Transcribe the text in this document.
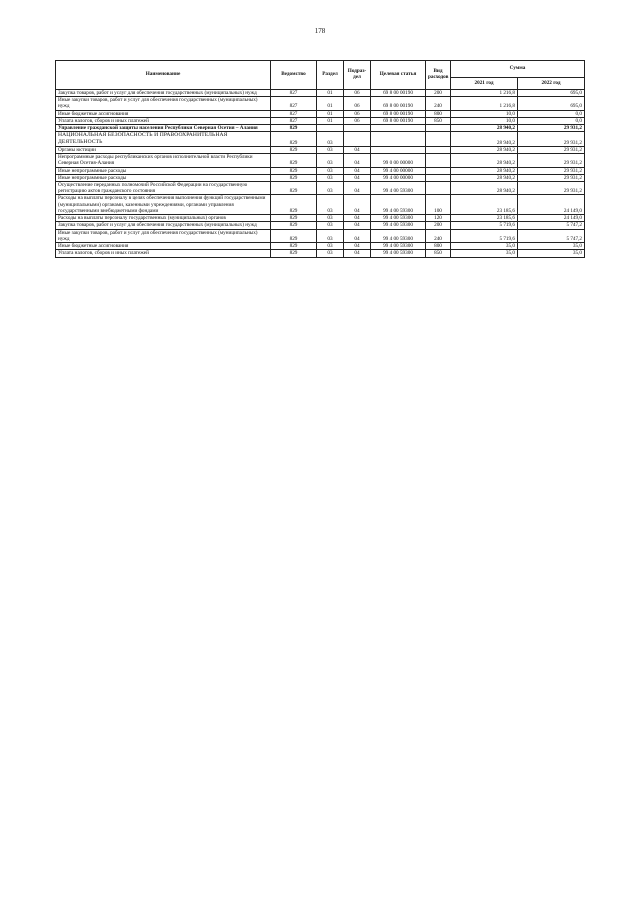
178
Наименование	Ведомство	Раздел	Подраз-дел	Целевая статья	Вид расходов	Сумма	
						2021 год	2022 год
Закупка товаров, работ и услуг для обеспечения государственных (муниципальных) нужд	827	01	06	69 8 00 00190	200	1 216,8	695,0
Иные закупки товаров, работ и услуг для обеспечения государственных (муниципальных) нужд	827	01	06	69 8 00 00190	240	1 216,8	695,0
Иные бюджетные ассигнования	827	01	06	69 8 00 00190	800	10,0	0,0
Уплата налогов, сборов и иных платежей	827	01	06	69 8 00 00190	850	10,0	0,0
Управление гражданской защиты населения Республики Северная Осетия – Алания	829					28 940,2	29 931,2
НАЦИОНАЛЬНАЯ БЕЗОПАСНОСТЬ И ПРАВООХРАНИТЕЛЬНАЯ ДЕЯТЕЛЬНОСТЬ	829	03				28 940,2	29 931,2
Органы юстиции	829	03	04			28 940,2	29 931,2
Непрограммные расходы республиканских органов исполнительной власти Республики Северная Осетия-Алания	829	03	04	99 0 00 00000		28 940,2	29 931,2
Иные непрограммные расходы	829	03	04	99 4 00 00000		28 940,2	29 931,2
Иные непрограммные расходы	829	03	04	99 4 00 00000		28 940,2	29 931,2
Осуществление переданных полномочий Российской Федерации на государственную регистрацию актов гражданского состояния	829	03	04	99 4 00 59300		28 940,2	29 931,2
Расходы на выплаты персоналу в целях обеспечения выполнения функций государственными (муниципальными) органами, казенными учреждениями, органами управления государственными внебюджетными фондами	829	03	04	99 4 00 59300	100	23 185,6	24 149,0
Расходы на выплаты персоналу государственных (муниципальных) органов	829	03	04	99 4 00 59300	120	23 185,6	24 149,0
Закупка товаров, работ и услуг для обеспечения государственных (муниципальных) нужд	829	03	04	99 4 00 59300	200	5 719,6	5 747,2
Иные закупки товаров, работ и услуг для обеспечения государственных (муниципальных) нужд	829	03	04	99 4 00 59300	240	5 719,6	5 747,2
Иные бюджетные ассигнования	829	03	04	99 4 00 59300	800	35,0	35,0
Уплата налогов, сборов и иных платежей	829	03	04	99 4 00 59300	850	35,0	35,0
